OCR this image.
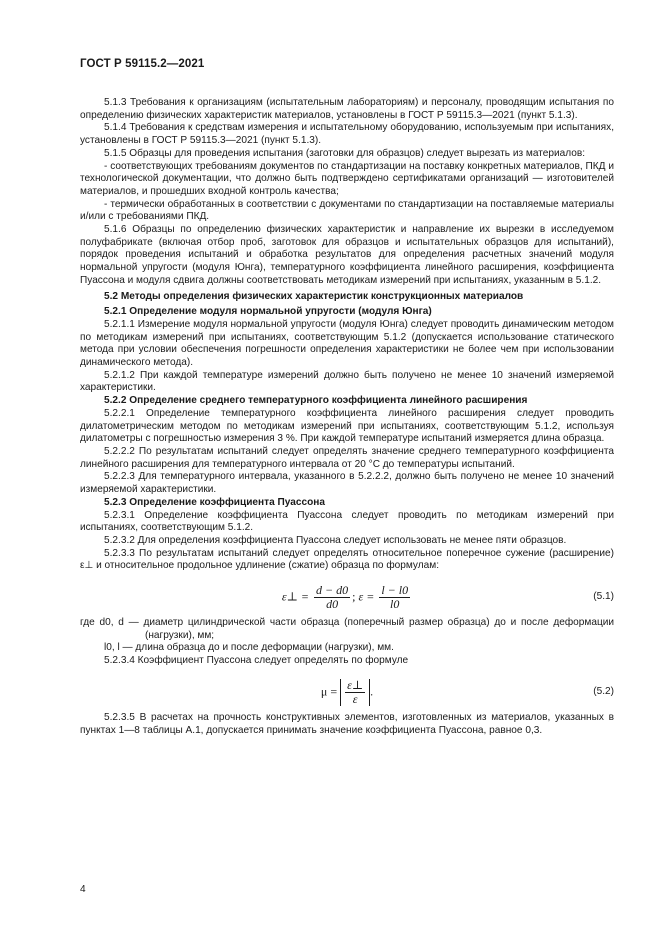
ГОСТ Р 59115.2—2021

5.1.3 Требования к организациям (испытательным лабораториям) и персоналу, проводящим испытания по определению физических характеристик материалов, установлены в ГОСТ Р 59115.3—2021 (пункт 5.1.3).

5.1.4 Требования к средствам измерения и испытательному оборудованию, используемым при испытаниях, установлены в ГОСТ Р 59115.3—2021 (пункт 5.1.3).

5.1.5 Образцы для проведения испытания (заготовки для образцов) следует вырезать из материалов:

- соответствующих требованиям документов по стандартизации на поставку конкретных материалов, ПКД и технологической документации, что должно быть подтверждено сертификатами организаций — изготовителей материалов, и прошедших входной контроль качества;

- термически обработанных в соответствии с документами по стандартизации на поставляемые материалы и/или с требованиями ПКД.

5.1.6 Образцы по определению физических характеристик и направление их вырезки в исследуемом полуфабрикате (включая отбор проб, заготовок для образцов и испытательных образцов для испытаний), порядок проведения испытаний и обработка результатов для определения расчетных значений модуля нормальной упругости (модуля Юнга), температурного коэффициента линейного расширения, коэффициента Пуассона и модуля сдвига должны соответствовать методикам измерений при испытаниях, указанным в 5.1.2.

5.2 Методы определения физических характеристик конструкционных материалов

5.2.1 Определение модуля нормальной упругости (модуля Юнга)

5.2.1.1 Измерение модуля нормальной упругости (модуля Юнга) следует проводить динамическим методом по методикам измерений при испытаниях, соответствующим 5.1.2 (допускается использование статического метода при условии обеспечения погрешности определения характеристики не более чем при использовании динамического метода).

5.2.1.2 При каждой температуре измерений должно быть получено не менее 10 значений измеряемой характеристики.

5.2.2 Определение среднего температурного коэффициента линейного расширения

5.2.2.1 Определение температурного коэффициента линейного расширения следует проводить дилатометрическим методом по методикам измерений при испытаниях, соответствующим 5.1.2, используя дилатометры с погрешностью измерения 3 %. При каждой температуре испытаний измеряется длина образца.

5.2.2.2 По результатам испытаний следует определять значение среднего температурного коэффициента линейного расширения для температурного интервала от 20 °С до температуры испытаний.

5.2.2.3 Для температурного интервала, указанного в 5.2.2.2, должно быть получено не менее 10 значений измеряемой характеристики.

5.2.3 Определение коэффициента Пуассона

5.2.3.1 Определение коэффициента Пуассона следует проводить по методикам измерений при испытаниях, соответствующим 5.1.2.

5.2.3.2 Для определения коэффициента Пуассона следует использовать не менее пяти образцов.

5.2.3.3 По результатам испытаний следует определять относительное поперечное сужение (расширение) ε⊥ и относительное продольное удлинение (сжатие) образца по формулам:

ε⊥ = $\frac{d - d0}{d0}$ ; $\varepsilon = \frac{l - l0}{l0}$	(5.1)

где d0, d — диаметр цилиндрической части образца (поперечный размер образца) до и после деформации (нагрузки), мм;

l0, l — длина образца до и после деформации (нагрузки), мм.

5.2.3.4 Коэффициент Пуассона следует определять по формуле

$\mu = \frac{\varepsilon\perp}{\varepsilon}$ .	(5.2)

5.2.3.5 В расчетах на прочность конструктивных элементов, изготовленных из материалов, указанных в пунктах 1—8 таблицы А.1, допускается принимать значение коэффициента Пуассона, равное 0,3.

4
